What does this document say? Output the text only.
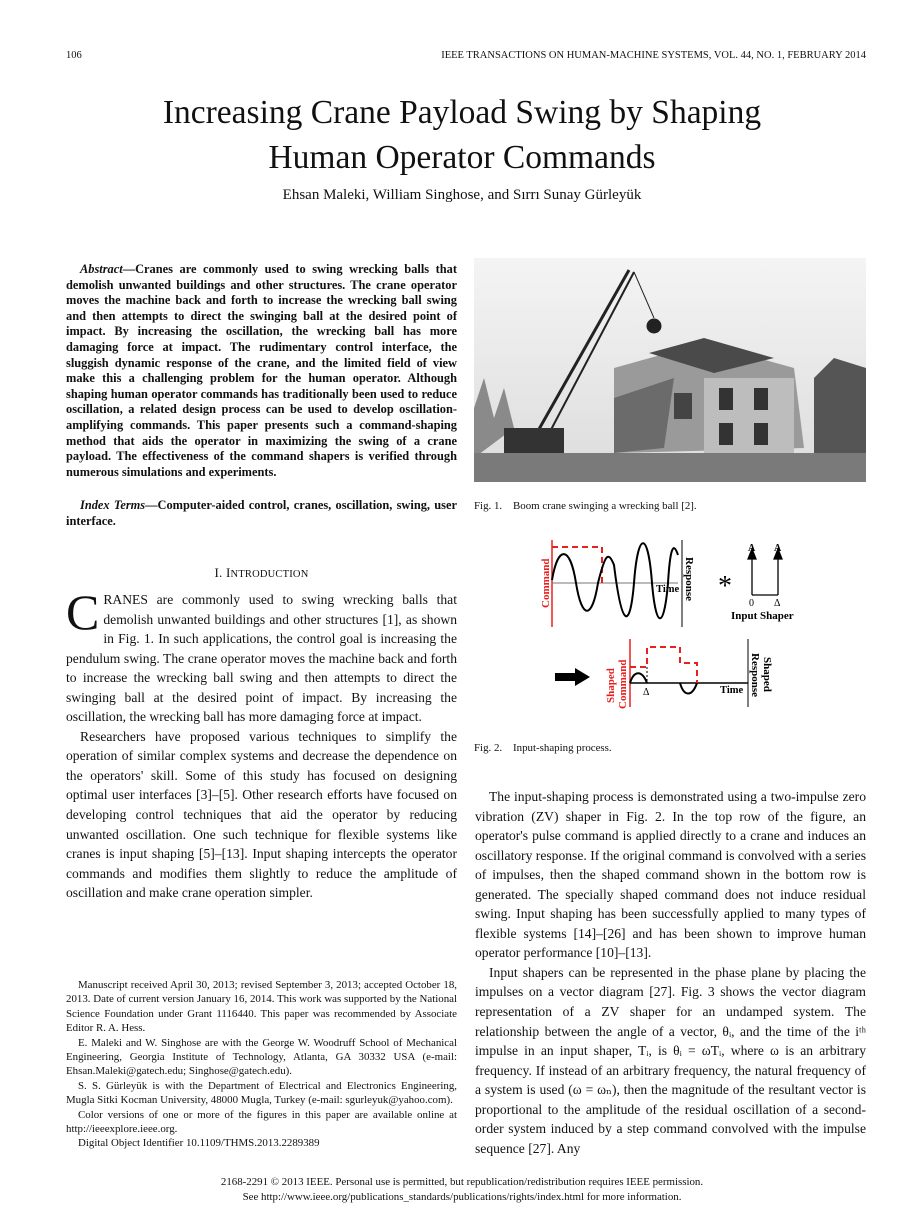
106	IEEE TRANSACTIONS ON HUMAN-MACHINE SYSTEMS, VOL. 44, NO. 1, FEBRUARY 2014
Increasing Crane Payload Swing by Shaping
Human Operator Commands
Ehsan Maleki, William Singhose, and Sırrı Sunay Gürleyük
Abstract—Cranes are commonly used to swing wrecking balls that demolish unwanted buildings and other structures. The crane operator moves the machine back and forth to increase the wrecking ball swing and then attempts to direct the swinging ball at the desired point of impact. By increasing the oscillation, the wrecking ball has more damaging force at impact. The rudimentary control interface, the sluggish dynamic response of the crane, and the limited field of view make this a challenging problem for the human operator. Although shaping human operator commands has traditionally been used to reduce oscillation, a related design process can be used to develop oscillation-amplifying commands. This paper presents such a command-shaping method that aids the operator in maximizing the swing of a crane payload. The effectiveness of the command shapers is verified through numerous simulations and experiments.
Index Terms—Computer-aided control, cranes, oscillation, swing, user interface.
I. INTRODUCTION

CRANES are commonly used to swing wrecking balls that demolish unwanted buildings and other structures [1], as shown in Fig. 1. In such applications, the control goal is increasing the pendulum swing. The crane operator moves the machine back and forth to increase the wrecking ball swing and then attempts to direct the swinging ball at the desired point of impact. By increasing the oscillation, the wrecking ball has more damaging force at impact.

Researchers have proposed various techniques to simplify the operation of similar complex systems and decrease the dependence on the operators' skill. Some of this study has focused on designing optimal user interfaces [3]–[5]. Other research efforts have focused on developing control techniques that aid the operator by reducing unwanted oscillation. One such technique for flexible systems like cranes is input shaping [5]–[13]. Input shaping intercepts the operator commands and modifies them slightly to reduce the amplitude of oscillation and make crane operation simpler.

Manuscript received April 30, 2013; revised September 3, 2013; accepted October 18, 2013. Date of current version January 16, 2014. This work was supported by the National Science Foundation under Grant 1116440. This paper was recommended by Associate Editor R. A. Hess.

E. Maleki and W. Singhose are with the George W. Woodruff School of Mechanical Engineering, Georgia Institute of Technology, Atlanta, GA 30332 USA (e-mail: Ehsan.Maleki@gatech.edu; Singhose@gatech.edu).

S. S. Gürleyük is with the Department of Electrical and Electronics Engineering, Mugla Sitki Kocman University, 48000 Mugla, Turkey (e-mail: sgurleyuk@yahoo.com).

Color versions of one or more of the figures in this paper are available online at http://ieeexplore.ieee.org.

Digital Object Identifier 10.1109/THMS.2013.2289389

Fig. 1.    Boom crane swinging a wrecking ball [2].
Command	Time Response *
A A
0 Δ
Input Shaper
Δ	Time
Shaped Command	Response Shaped
Fig. 2.    Input-shaping process.

The input-shaping process is demonstrated using a two-impulse zero vibration (ZV) shaper in Fig. 2. In the top row of the figure, an operator's pulse command is applied directly to a crane and induces an oscillatory response. If the original command is convolved with a series of impulses, then the shaped command shown in the bottom row is generated. The specially shaped command does not induce residual swing. Input shaping has been successfully applied to many types of flexible systems [14]–[26] and has been shown to improve human operator performance [10]–[13].

Input shapers can be represented in the phase plane by placing the impulses on a vector diagram [27]. Fig. 3 shows the vector diagram representation of a ZV shaper for an undamped system. The relationship between the angle of a vector, θᵢ, and the time of the iᵗʰ impulse in an input shaper, Tᵢ, is θᵢ = ωTᵢ, where ω is an arbitrary frequency. If instead of an arbitrary frequency, the natural frequency of a system is used (ω = ωₙ), then the magnitude of the resultant vector is proportional to the amplitude of the residual oscillation of a second-order system induced by a step command convolved with the impulse sequence [27]. Any

2168-2291 © 2013 IEEE. Personal use is permitted, but republication/redistribution requires IEEE permission.
See http://www.ieee.org/publications_standards/publications/rights/index.html for more information.
